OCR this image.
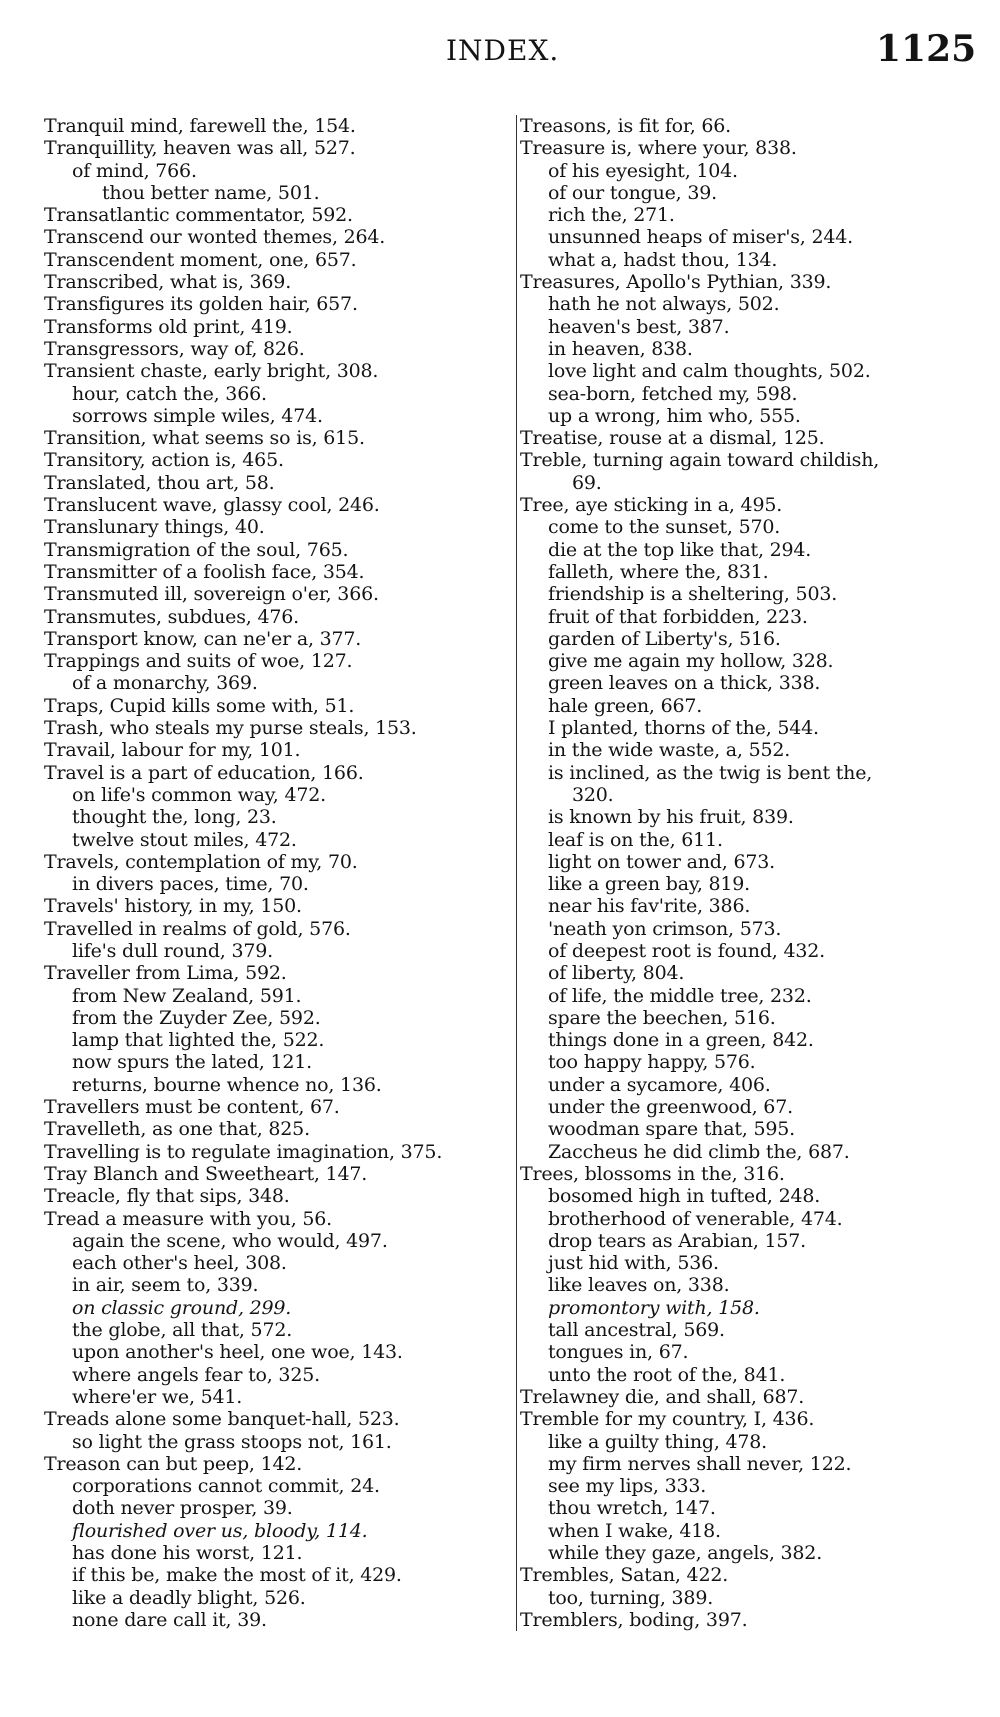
INDEX.	1125
Tranquil mind, farewell the, 154.
Tranquillity, heaven was all, 527.
of mind, 766.
thou better name, 501.
Transatlantic commentator, 592.
Transcend our wonted themes, 264.
Transcendent moment, one, 657.
Transcribed, what is, 369.
Transfigures its golden hair, 657.
Transforms old print, 419.
Transgressors, way of, 826.
Transient chaste, early bright, 308.
hour, catch the, 366.
sorrows simple wiles, 474.
Transition, what seems so is, 615.
Transitory, action is, 465.
Translated, thou art, 58.
Translucent wave, glassy cool, 246.
Translunary things, 40.
Transmigration of the soul, 765.
Transmitter of a foolish face, 354.
Transmuted ill, sovereign o'er, 366.
Transmutes, subdues, 476.
Transport know, can ne'er a, 377.
Trappings and suits of woe, 127.
of a monarchy, 369.
Traps, Cupid kills some with, 51.
Trash, who steals my purse steals, 153.
Travail, labour for my, 101.
Travel is a part of education, 166.
on life's common way, 472.
thought the, long, 23.
twelve stout miles, 472.
Travels, contemplation of my, 70.
in divers paces, time, 70.
Travels' history, in my, 150.
Travelled in realms of gold, 576.
life's dull round, 379.
Traveller from Lima, 592.
from New Zealand, 591.
from the Zuyder Zee, 592.
lamp that lighted the, 522.
now spurs the lated, 121.
returns, bourne whence no, 136.
Travellers must be content, 67.
Travelleth, as one that, 825.
Travelling is to regulate imagination, 375.
Tray Blanch and Sweetheart, 147.
Treacle, fly that sips, 348.
Tread a measure with you, 56.
again the scene, who would, 497.
each other's heel, 308.
in air, seem to, 339.
on classic ground, 299.
the globe, all that, 572.
upon another's heel, one woe, 143.
where angels fear to, 325.
where'er we, 541.
Treads alone some banquet-hall, 523.
so light the grass stoops not, 161.
Treason can but peep, 142.
corporations cannot commit, 24.
doth never prosper, 39.
flourished over us, bloody, 114.
has done his worst, 121.
if this be, make the most of it, 429.
like a deadly blight, 526.
none dare call it, 39.
Treasons, is fit for, 66.
Treasure is, where your, 838.
of his eyesight, 104.
of our tongue, 39.
rich the, 271.
unsunned heaps of miser's, 244.
what a, hadst thou, 134.
Treasures, Apollo's Pythian, 339.
hath he not always, 502.
heaven's best, 387.
in heaven, 838.
love light and calm thoughts, 502.
sea-born, fetched my, 598.
up a wrong, him who, 555.
Treatise, rouse at a dismal, 125.
Treble, turning again toward childish,
69.
Tree, aye sticking in a, 495.
come to the sunset, 570.
die at the top like that, 294.
falleth, where the, 831.
friendship is a sheltering, 503.
fruit of that forbidden, 223.
garden of Liberty's, 516.
give me again my hollow, 328.
green leaves on a thick, 338.
hale green, 667.
I planted, thorns of the, 544.
in the wide waste, a, 552.
is inclined, as the twig is bent the,
320.
is known by his fruit, 839.
leaf is on the, 611.
light on tower and, 673.
like a green bay, 819.
near his fav'rite, 386.
'neath yon crimson, 573.
of deepest root is found, 432.
of liberty, 804.
of life, the middle tree, 232.
spare the beechen, 516.
things done in a green, 842.
too happy happy, 576.
under a sycamore, 406.
under the greenwood, 67.
woodman spare that, 595.
Zaccheus he did climb the, 687.
Trees, blossoms in the, 316.
bosomed high in tufted, 248.
brotherhood of venerable, 474.
drop tears as Arabian, 157.
just hid with, 536.
like leaves on, 338.
promontory with, 158.
tall ancestral, 569.
tongues in, 67.
unto the root of the, 841.
Trelawney die, and shall, 687.
Tremble for my country, I, 436.
like a guilty thing, 478.
my firm nerves shall never, 122.
see my lips, 333.
thou wretch, 147.
when I wake, 418.
while they gaze, angels, 382.
Trembles, Satan, 422.
too, turning, 389.
Tremblers, boding, 397.
